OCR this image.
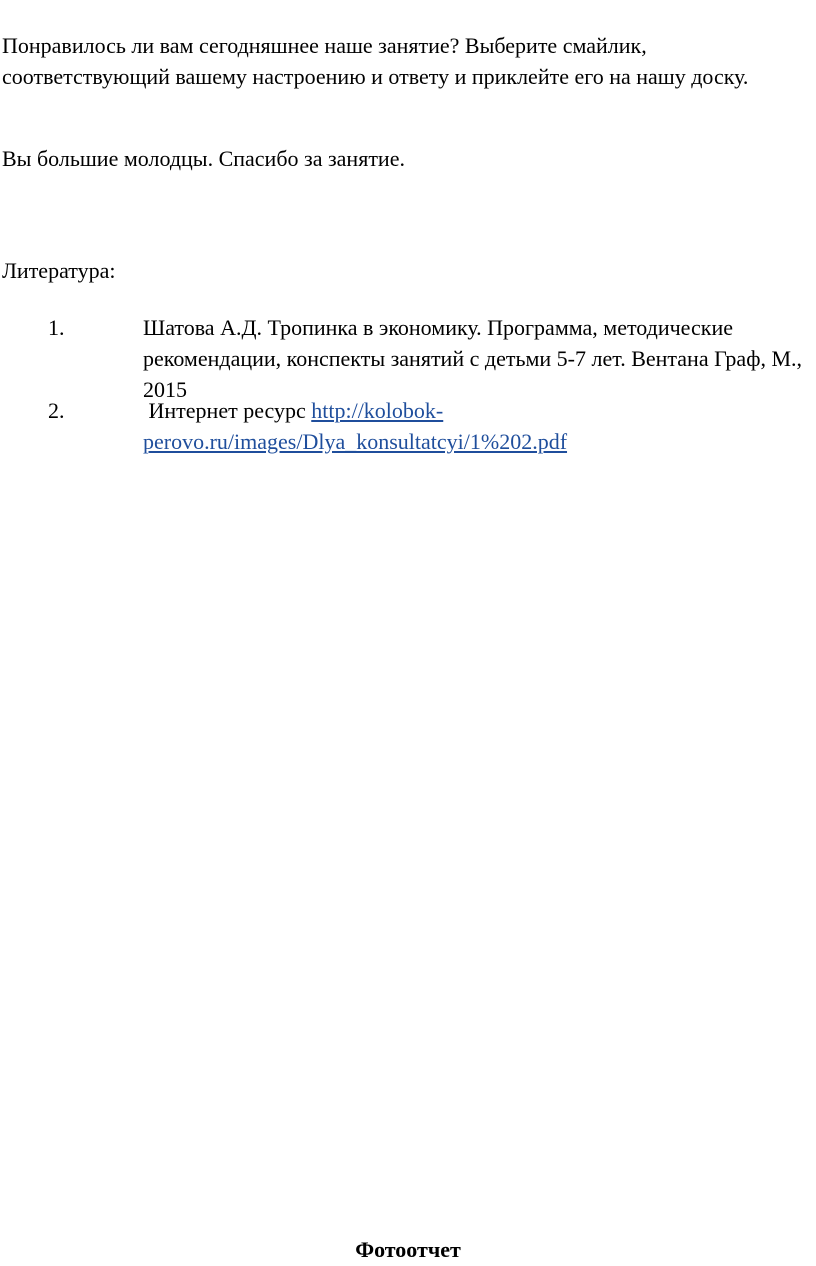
Понравилось ли вам сегодняшнее наше занятие? Выберите смайлик, соответствующий вашему настроению и ответу и приклейте его на нашу доску.

Вы большие молодцы. Спасибо за занятие.

Литература:

1.	Шатова А.Д. Тропинка в экономику. Программа, методические рекомендации, конспекты занятий с детьми 5-7 лет. Вентана Граф, М., 2015
2.	Интернет ресурс http://kolobok-
perovo.ru/images/Dlya_konsultatcyi/1%202.pdf

Фотоотчет
